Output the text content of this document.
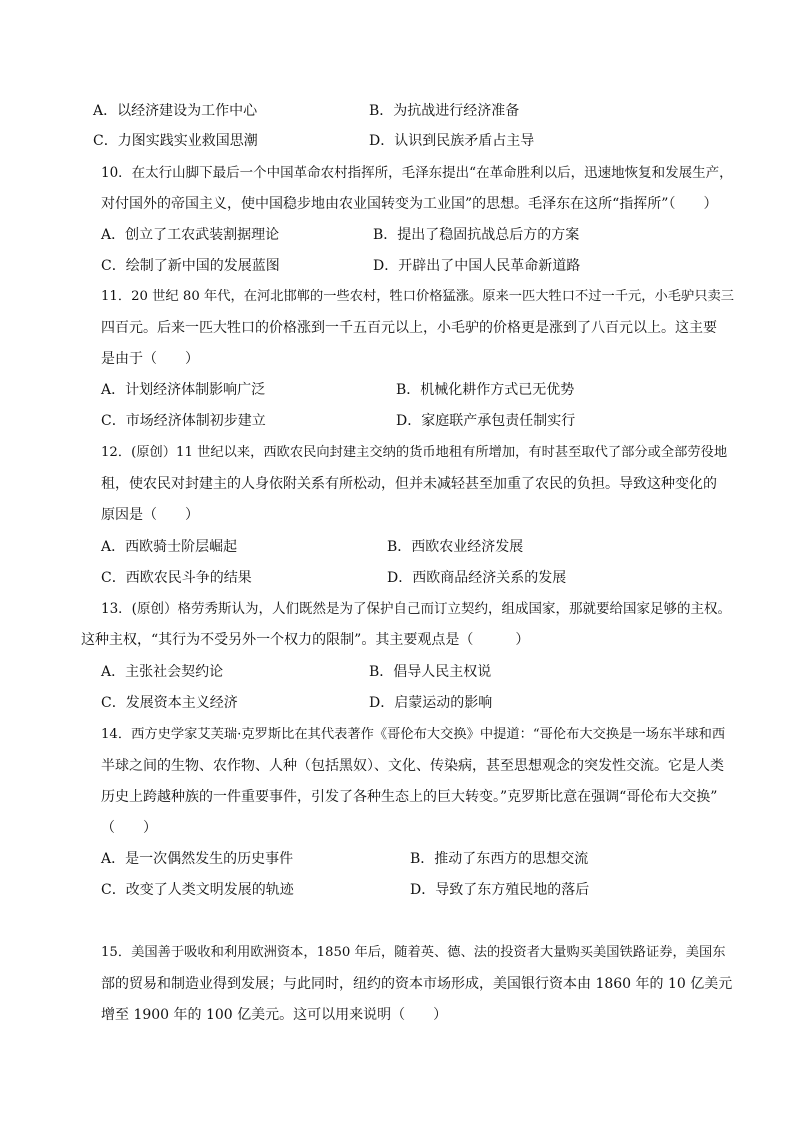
A．以经济建设为工作中心	B．为抗战进行经济准备
C．力图实践实业救国思潮	D．认识到民族矛盾占主导
10．在太行山脚下最后一个中国革命农村指挥所，毛泽东提出“在革命胜利以后，迅速地恢复和发展生产，
对付国外的帝国主义，使中国稳步地由农业国转变为工业国”的思想。毛泽东在这所“指挥所”（　　）
A．创立了工农武装割据理论	B．提出了稳固抗战总后方的方案
C．绘制了新中国的发展蓝图	D．开辟出了中国人民革命新道路
11．20 世纪 80 年代，在河北邯郸的一些农村，牲口价格猛涨。原来一匹大牲口不过一千元，小毛驴只卖三
四百元。后来一匹大牲口的价格涨到一千五百元以上，小毛驴的价格更是涨到了八百元以上。这主要
是由于（　　）
A．计划经济体制影响广泛	B．机械化耕作方式已无优势
C．市场经济体制初步建立	D．家庭联产承包责任制实行
12．(原创）11 世纪以来，西欧农民向封建主交纳的货币地租有所增加，有时甚至取代了部分或全部劳役地
租，使农民对封建主的人身依附关系有所松动，但并未减轻甚至加重了农民的负担。导致这种变化的
原因是（　　）
A．西欧骑士阶层崛起	B．西欧农业经济发展
C．西欧农民斗争的结果	D．西欧商品经济关系的发展
13．(原创）格劳秀斯认为，人们既然是为了保护自己而订立契约，组成国家，那就要给国家足够的主权。
这种主权，“其行为不受另外一个权力的限制”。其主要观点是（　　　）
A．主张社会契约论	B．倡导人民主权说
C．发展资本主义经济	D．启蒙运动的影响
14．西方史学家艾芙瑞·克罗斯比在其代表著作《哥伦布大交换》中提道：“哥伦布大交换是一场东半球和西
半球之间的生物、农作物、人种（包括黑奴）、文化、传染病，甚至思想观念的突发性交流。它是人类
历史上跨越种族的一件重要事件，引发了各种生态上的巨大转变。”克罗斯比意在强调“哥伦布大交换”
（　　）
A．是一次偶然发生的历史事件	B．推动了东西方的思想交流
C．改变了人类文明发展的轨迹	D．导致了东方殖民地的落后
15．美国善于吸收和利用欧洲资本，1850 年后，随着英、德、法的投资者大量购买美国铁路证券，美国东
部的贸易和制造业得到发展；与此同时，纽约的资本市场形成，美国银行资本由 1860 年的 10 亿美元
增至 1900 年的 100 亿美元。这可以用来说明（　　）
